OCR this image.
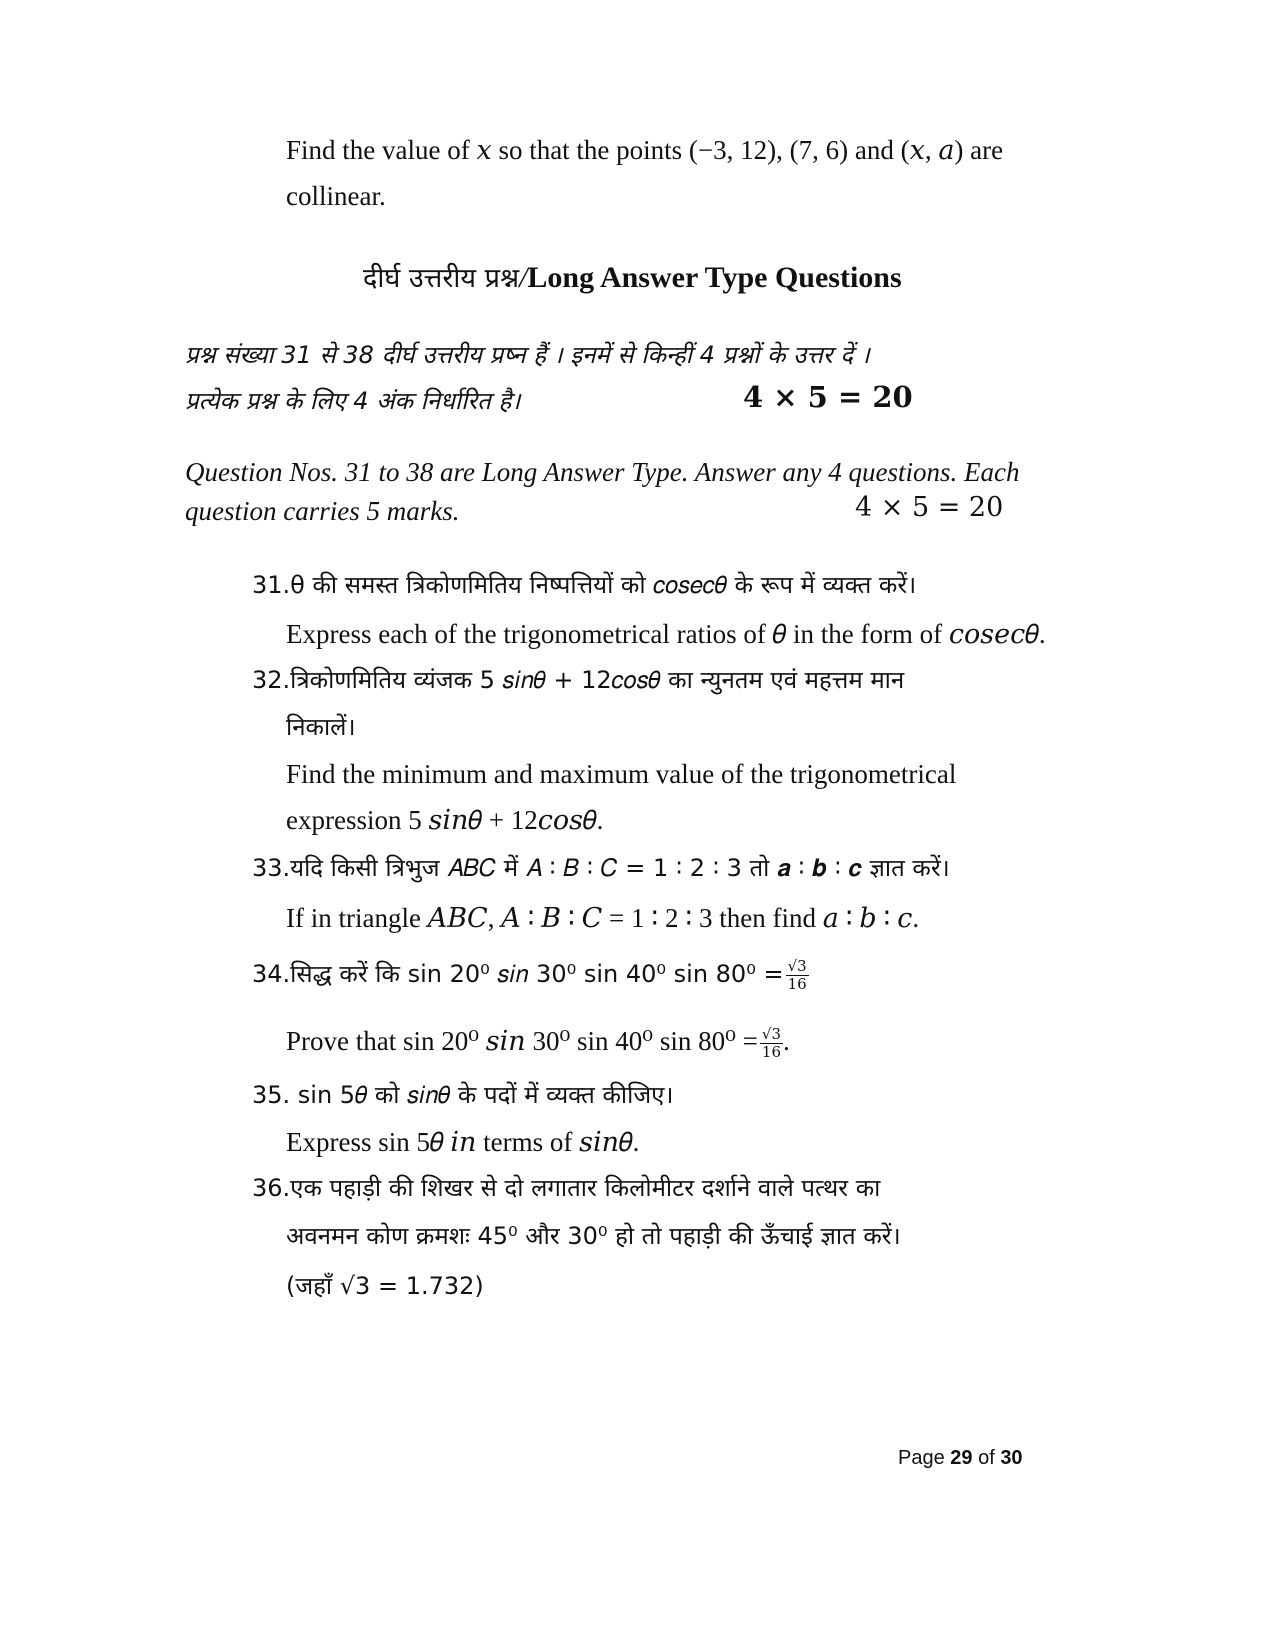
Find the value of 𝑥 so that the points (−3, 12), (7, 6) and (𝑥, 𝑎) are
collinear.
दीर्घ उत्तरीय प्रश्न/Long Answer Type Questions
प्रश्न संख्या 31 से 38 दीर्घ उत्तरीय प्रष्न हैं । इनमें से किन्हीं 4 प्रश्नों के उत्तर दें ।
प्रत्येक प्रश्न के लिए 4 अंक निर्धारित है।	4 × 5 = 20
Question Nos. 31 to 38 are Long Answer Type. Answer any 4 questions. Each
question carries 5 marks.	4 × 5 = 20
31.θ की समस्त त्रिकोणमितिय निष्पत्तियों को 𝑐𝑜𝑠𝑒𝑐𝜃 के रूप में व्यक्त करें।
Express each of the trigonometrical ratios of 𝜃 in the form of 𝑐𝑜𝑠𝑒𝑐𝜃.
32.त्रिकोणमितिय व्यंजक 5 𝑠𝑖𝑛𝜃 + 12𝑐𝑜𝑠𝜃 का न्युनतम एवं महत्तम मान
निकालें।
Find the minimum and maximum value of the trigonometrical
expression 5 𝑠𝑖𝑛𝜃 + 12𝑐𝑜𝑠𝜃.
33.यदि किसी त्रिभुज 𝐴𝐵𝐶 में 𝐴 ∶ 𝐵 ∶ 𝐶 = 1 ∶ 2 ∶ 3 तो 𝒂 ∶ 𝒃 ∶ 𝒄 ज्ञात करें।
If in triangle 𝐴𝐵𝐶, 𝐴 ∶ 𝐵 ∶ 𝐶 = 1 ∶ 2 ∶ 3 then find 𝑎 ∶ 𝑏 ∶ 𝑐.
34.सिद्ध करें कि sin 20⁰ 𝑠𝑖𝑛 30⁰ sin 40⁰ $\sin 80^0 = \frac{√3}{16}$
Prove that sin 20⁰ 𝑠𝑖𝑛 30⁰ sin 40⁰ $\sin 80^0 = \frac{√3}{16}$ .
35. sin 5𝜃 को 𝑠𝑖𝑛𝜃 के पदों में व्यक्त कीजिए।
Express sin 5𝜃 𝑖𝑛 terms of 𝑠𝑖𝑛𝜃.
36.एक पहाड़ी की शिखर से दो लगातार किलोमीटर दर्शाने वाले पत्थर का
अवनमन कोण क्रमशः 45⁰ और 30⁰ हो तो पहाड़ी की ऊँचाई ज्ञात करें।
(जहाँ √3 = 1.732)
Page 29 of 30
